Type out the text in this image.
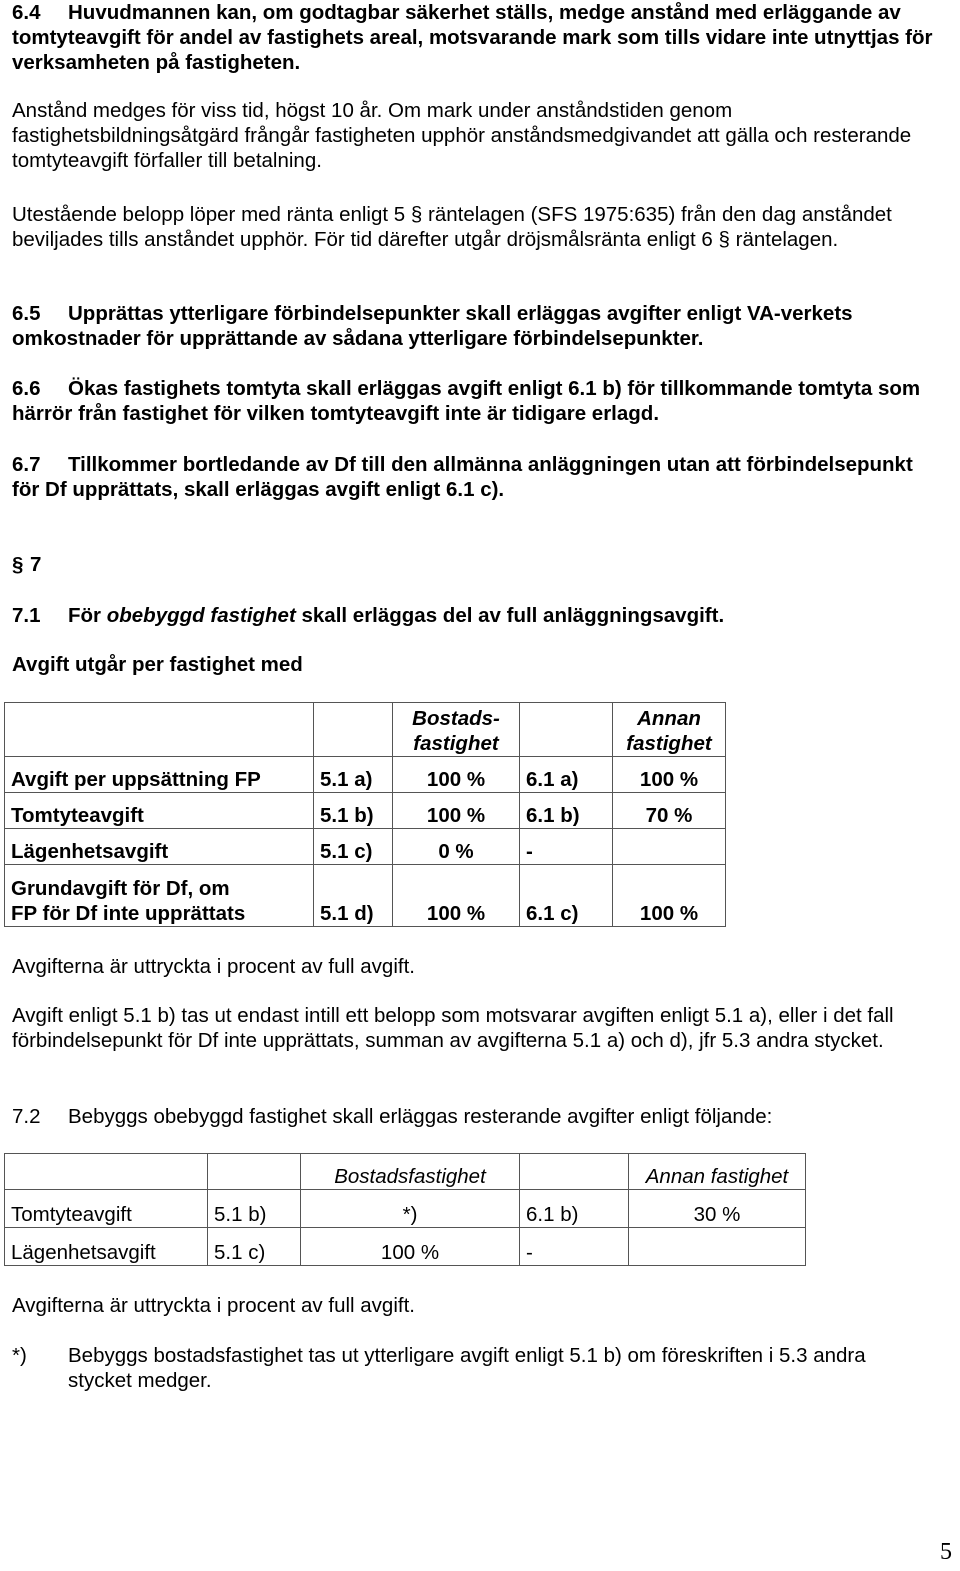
6.4 Huvudmannen kan, om godtagbar säkerhet ställs, medge anstånd med erläggande av tomtyteavgift för andel av fastighets areal, motsvarande mark som tills vidare inte utnyttjas för verksamheten på fastigheten.
Anstånd medges för viss tid, högst 10 år. Om mark under anståndstiden genom fastighetsbildningsåtgärd frångår fastigheten upphör anståndsmedgivandet att gälla och resterande tomtyteavgift förfaller till betalning.
Utestående belopp löper med ränta enligt 5 § räntelagen (SFS 1975:635) från den dag anståndet beviljades tills anståndet upphör. För tid därefter utgår dröjsmålsränta enligt 6 § räntelagen.
6.5 Upprättas ytterligare förbindelsepunkter skall erläggas avgifter enligt VA-verkets omkostnader för upprättande av sådana ytterligare förbindelsepunkter.
6.6 Ökas fastighets tomtyta skall erläggas avgift enligt 6.1 b) för tillkommande tomtyta som härrör från fastighet för vilken tomtyteavgift inte är tidigare erlagd.
6.7 Tillkommer bortledande av Df till den allmänna anläggningen utan att förbindelsepunkt för Df upprättats, skall erläggas avgift enligt 6.1 c).
§ 7
7.1 För obebyggd fastighet skall erläggas del av full anläggningsavgift.
Avgift utgår per fastighet med
		Bostads-
fastighet		Annan
fastighet
Avgift per uppsättning FP	5.1 a)	100 %	6.1 a)	100 %
Tomtyteavgift	5.1 b)	100 %	6.1 b)	70 %
Lägenhetsavgift	5.1 c)	0 %	-	
Grundavgift för Df, om
FP för Df inte upprättats	5.1 d)	100 %	6.1 c)	100 %
Avgifterna är uttryckta i procent av full avgift.
Avgift enligt 5.1 b) tas ut endast intill ett belopp som motsvarar avgiften enligt 5.1 a), eller i det fall förbindelsepunkt för Df inte upprättats, summan av avgifterna 5.1 a) och d), jfr 5.3 andra stycket.
7.2 Bebyggs obebyggd fastighet skall erläggas resterande avgifter enligt följande:
		Bostadsfastighet		Annan fastighet
Tomtyteavgift	5.1 b)	*)	6.1 b)	30 %
Lägenhetsavgift	5.1 c)	100 %	-	
Avgifterna är uttryckta i procent av full avgift.
*) Bebyggs bostadsfastighet tas ut ytterligare avgift enligt 5.1 b) om föreskriften i 5.3 andra stycket medger.
5
